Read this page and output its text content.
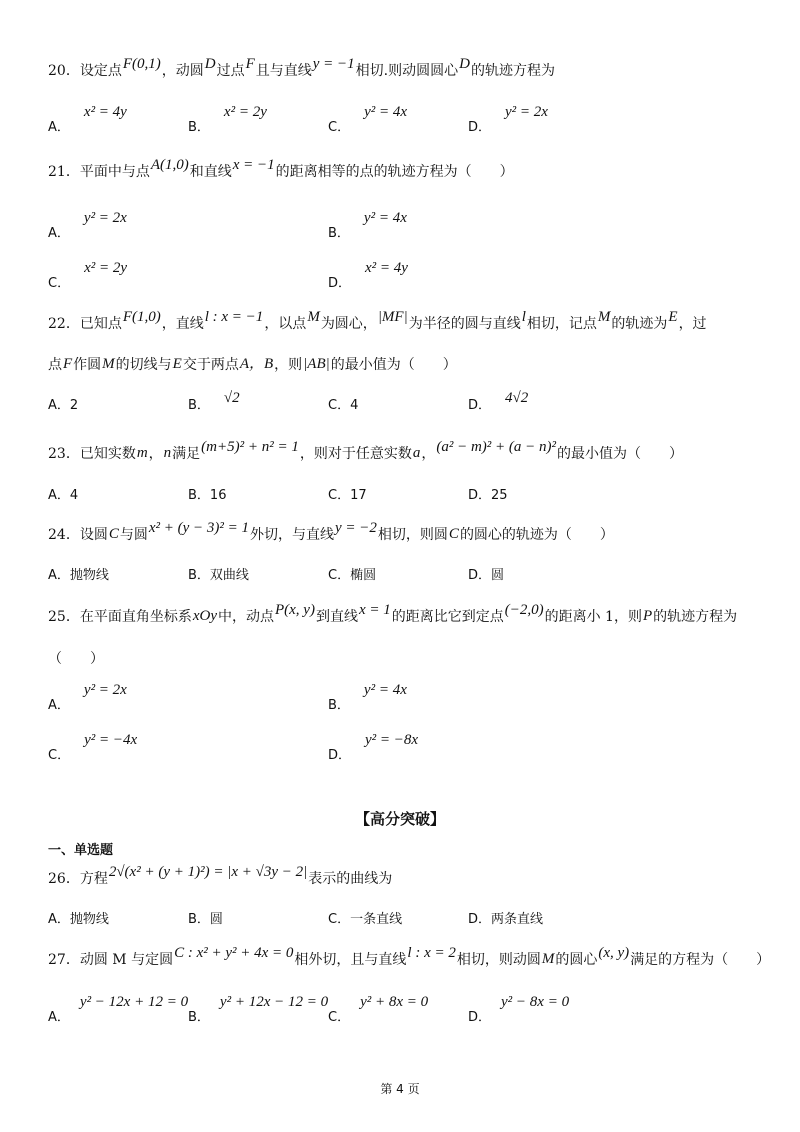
20．设定点F(0,1)，动圆D过点F且与直线y = −1相切.则动圆圆心D的轨迹方程为
A．x² = 4y
B．x² = 2y
C．y² = 4x
D．y² = 2x
21．平面中与点A(1,0)和直线x = −1的距离相等的点的轨迹方程为（　　）
A．y² = 2x
B．y² = 4x
C．x² = 2y
D．x² = 4y
22．已知点F(1,0)，直线l : x = −1，以点M为圆心，|MF|为半径的圆与直线l相切，记点M的轨迹为E，过
点F作圆M的切线与E交于两点A，B，则|AB|的最小值为（　　）
A．2	B． √2	C．4	D． 4√2
23．已知实数m，n满足(m+5)² + n² = 1，则对于任意实数a，(a² − m)² + (a − n)²的最小值为（　　）
A．4	B．16	C．17	D．25
24．设圆C与圆x² + (y − 3)² = 1外切，与直线y = −2相切，则圆C的圆心的轨迹为（　　）
A．抛物线	B．双曲线	C．椭圆	D．圆
25．在平面直角坐标系xOy中，动点P(x, y)到直线x = 1的距离比它到定点(−2,0)的距离小 1，则P的轨迹方程为
（　　）
A．y² = 2x
B．y² = 4x
C．y² = −4x
D．y² = −8x
【高分突破】
一、单选题
26．方程2√(x² + (y + 1)²) = |x + √3y − 2|表示的曲线为
A．抛物线	B．圆	C．一条直线	D．两条直线
27．动圆 M 与定圆C : x² + y² + 4x = 0相外切，且与直线l : x = 2相切，则动圆M的圆心(x, y)满足的方程为（　　）
A．y² − 12x + 12 = 0
B．y² + 12x − 12 = 0
C．y² + 8x = 0
D．y² − 8x = 0
第 4 页
